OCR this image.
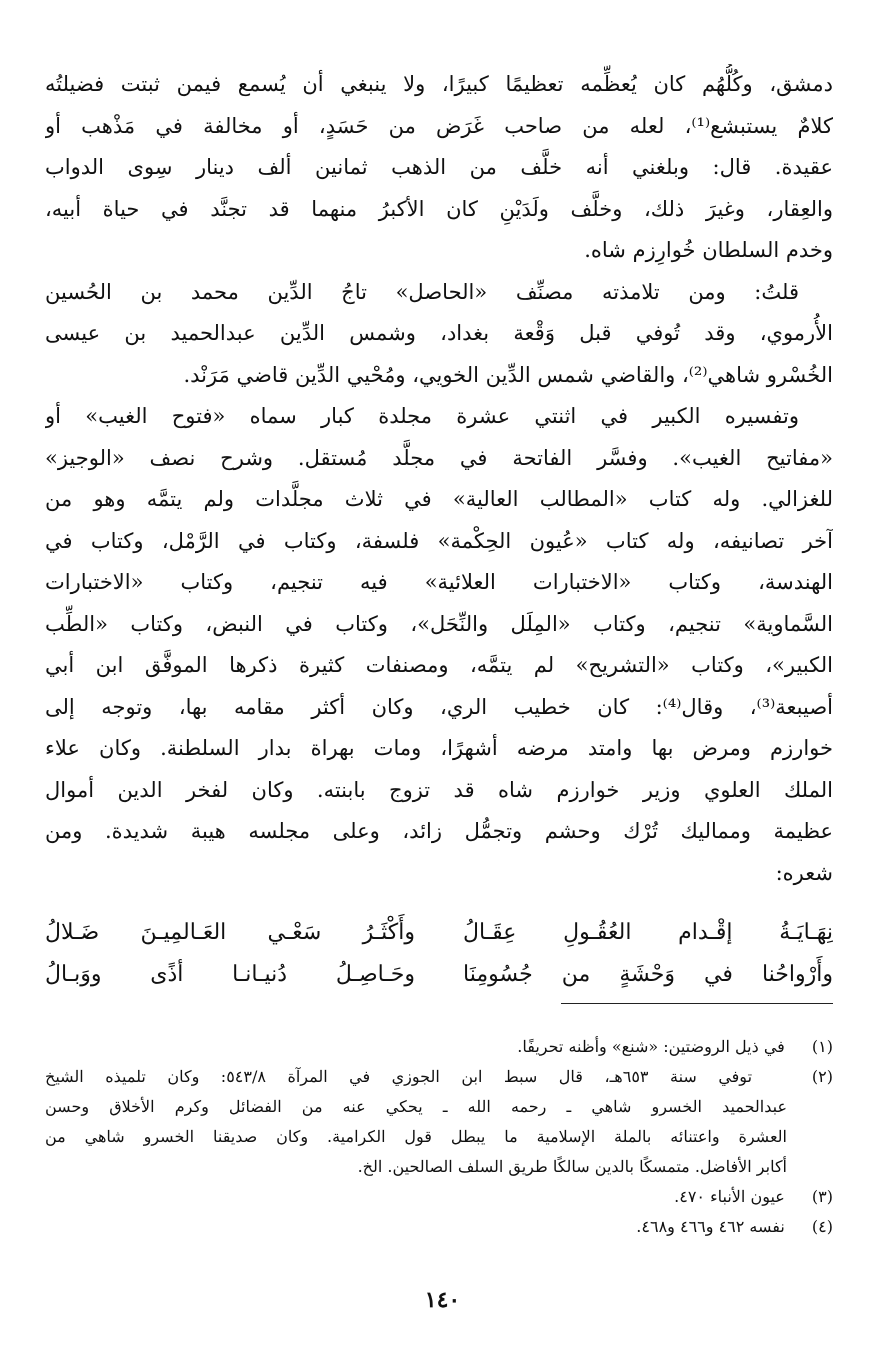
دمشق، وكُلُّهُم كان يُعظِّمه تعظيمًا كبيرًا، ولا ينبغي أن يُسمع فيمن ثبتت فضيلتُه
كلامٌ يستبشع⁽¹⁾، لعله من صاحب غَرَض من حَسَدٍ، أو مخالفة في مَذْهب أو
عقيدة. قال: وبلغني أنه خلَّف من الذهب ثمانين ألف دينار سِوى الدواب
والعِقار، وغيرَ ذلك، وخلَّف ولَدَيْنِ كان الأكبرُ منهما قد تجنَّد في حياة أبيه،
وخدم السلطان خُوارِزم شاه.
قلتُ: ومن تلامذته مصنِّف «الحاصل» تاجُ الدِّين محمد بن الحُسين
الأُرموي، وقد تُوفي قبل وَقْعة بغداد، وشمس الدِّين عبدالحميد بن عيسى
الخُسْرو شاهي⁽²⁾، والقاضي شمس الدِّين الخويي، ومُحْيي الدِّين قاضي مَرَنْد.
وتفسيره الكبير في اثنتي عشرة مجلدة كبار سماه «فتوح الغيب» أو
«مفاتيح الغيب». وفسَّر الفاتحة في مجلَّد مُستقل. وشرح نصف «الوجيز»
للغزالي. وله كتاب «المطالب العالية» في ثلاث مجلَّدات ولم يتمَّه وهو من
آخر تصانيفه، وله كتاب «عُيون الحِكْمة» فلسفة، وكتاب في الرَّمْل، وكتاب في
الهندسة، وكتاب «الاختبارات العلائية» فيه تنجيم، وكتاب «الاختبارات
السَّماوية» تنجيم، وكتاب «المِلَل والنِّحَل»، وكتاب في النبض، وكتاب «الطِّب
الكبير»، وكتاب «التشريح» لم يتمَّه، ومصنفات كثيرة ذكرها الموفَّق ابن أبي
أصيبعة⁽³⁾، وقال⁽⁴⁾: كان خطيب الري، وكان أكثر مقامه بها، وتوجه إلى
خوارزم ومرض بها وامتد مرضه أشهرًا، ومات بهراة بدار السلطنة. وكان علاء
الملك العلوي وزير خوارزم شاه قد تزوج بابنته. وكان لفخر الدين أموال
عظيمة ومماليك تُرْك وحشم وتجمُّل زائد، وعلى مجلسه هيبة شديدة. ومن
شعره:
نِهَـايَـةُ إقْـدام العُقُـولِ عِقَـالُ
وأَكْثَـرُ سَعْـي العَـالمِيـنَ ضَـلالُ
وأَرْواحُنا في وَحْشَةٍ من جُسُومِنَا
وحَـاصِـلُ دُنيـانـا أذًى ووَبـالُ
(١)  في ذيل الروضتين: «شنع» وأظنه تحريفًا.
(٢)  توفي سنة ٦٥٣هـ، قال سبط ابن الجوزي في المرآة ٥٤٣/٨: وكان تلميذه الشيخ
عبدالحميد الخسرو شاهي ـ رحمه الله ـ يحكي عنه من الفضائل وكرم الأخلاق وحسن
العشرة واعتنائه بالملة الإسلامية ما يبطل قول الكرامية. وكان صديقنا الخسرو شاهي من
أكابر الأفاضل. متمسكًا بالدين سالكًا طريق السلف الصالحين. الخ.
(٣)  عيون الأنباء ٤٧٠.
(٤)  نفسه ٤٦٢ و٤٦٦ و٤٦٨.
١٤٠
